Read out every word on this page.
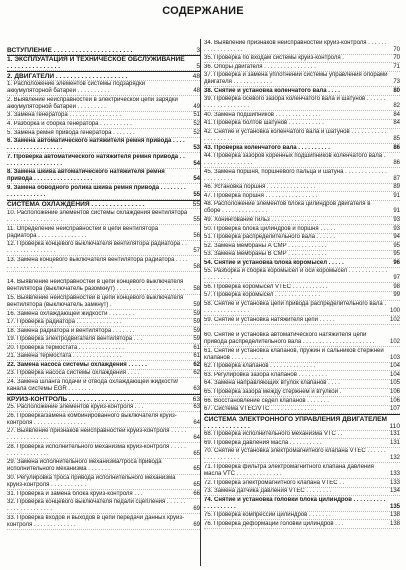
СОДЕРЖАНИЕ
ВСТУПЛЕНИЕ . . . . . . . . . . . . . . . . . . . . . .	3
1. ЭКСПЛУАТАЦИЯ И ТЕХНИЧЕСКОЕ ОБСЛУЖИВАНИЕ . . . . . . . . . . . . . . .	5
2. ДВИГАТЕЛИ . . . . . . . . . . . . . . . . . . . .	48
1. Расположение элементов системы подзарядки аккумуляторной батареи . . . . . . . . . .	48
2. Выявление неисправностей в электрической цепи зарядки аккумуляторной батареи . . . . . . . . .	49
3. Замена генератора . . . . . . . . . . . . . . . .	51
4. Разборка и сборка генератора . . . . . . . . . .	52
5. Замена ремня привода генератора . . . . . . .	52
6. Замена автоматического натяжителя ремня привода . . . . . . . . . . . . . . . . . . . . .	53
7. Проверка автоматического натяжителя ремня привода . . . . . . . . . . . . . . . . . . .	54
8. Замена шкива автоматического натяжителя ремня привода . . . . . . . . . . . . . . . . . .	54
9. Замена обводного ролика шкива ремня привода . . . . . . . . . . . . . . . . . . . .	55
СИСТЕМА ОХЛАЖДЕНИЯ . . . . . . . . . . . . . . .	55
10. Расположение элементов системы охлаждения вентилятора . . . . . . . . . . . . . . . . .	55
11. Определение неисправностей в цепи вентилятора радиатора . . . . . . . . . . . . . . .	56
12. Проверка концевого выключателя вентилятора радиатора . . . . . . . . . . . . . . . . .	57
13. Замена концевого выключателя вентилятора радиатора . . . . . . . . . . . . . . . . . .	58
14. Выявление неисправностей в цепи концевого выключателя вентилятора (выключатель разомкнут) . . . . . . . . . . . . . . . . . . . . .	58
15. Выявление неисправностей в цепи концевого выключателя вентилятора (выключатель замкнут) .	59
16. Замена охлаждающей жидкости . . . . . . . .	59
17. Проверка радиатора . . . . . . . . . . . . . .	59
18. Замена радиатора и вентилятора . . . . . . .	59
19. Проверка электродвигателя вентилятора . . .	59
20. Проверка термостата . . . . . . . . . . . . . .	61
21. Замена термостата . . . . . . . . . . . . . . .	61
22. Замена насоса системы охлаждения . . . . . .	62
23. Проверка насоса системы охлаждения . . . .	62
24. Замена шланга подачи и отвода охлаждающей жидкости/канала системы EGR . . . . . . . .	63
КРУИЗ-КОНТРОЛЬ . . . . . . . . . . . . . . . . . .	63
25. Расположение элементов круиз-контроля . . .	63
26. Проверка/замена комбинированного выключателя круиз-контроля . . . . . . . . . . . . . . . .	64
27. Выявление признаков неисправностей круиз-контроля . . . . . . . . . . . . . . . . . .	64
28. Проверка исполнительного механизма круиз-контроля . . . . . . . . . . . . . . . . . .	65
29. Замена исполнительного механизма/троса привода исполнительного механизма . . . . . . .	65
30. Регулировка троса привода исполнительного механизма круиз-контроля . . . . . . . . . . .	65
31. Проверка и замена блока круиз-контроля . . .	66
32. Проверка концевого выключателя педали сцепления . . . . . . . . . . . . . . . . . . . .	69
33. Проверка входов и выходов в цепи передачи данных круиз-контроля . . . . . . . . . . . . .	69
34. Выявление признаков неисправностей круиз-контроля . . . . . . . . . . . . . . . . . .	70
35. Проверка по входам системы круиз-контроля .	70
36. Опоры двигателя . . . . . . . . . . . . . . . .	71
37. Проверка и замена уплотнений системы управления опорами двигателя . . . . . . . . . . . .	73
38. Снятие и установка коленчатого вала . . . .	80
39. Проверка осевого зазора коленчатого вала и шатунов . . . . . . . . . . . . . . . . . . . .	82
40. Замена подшипников . . . . . . . . . . . . . .	84
41. Проверка болтов шатунов . . . . . . . . . . .	84
42. Снятие и установка коленчатого вала и шатунов . . . . . . . . . . . . . . . . . . . .	85
43. Проверка коленчатого вала . . . . . . . . . .	86
44. Проверка зазоров коренных подшипников коленчатого вала . . . . . . . . . . . . . . . .	86
45. Замена поршня, поршневого пальца и шатуна . . . . . . . . . . . . . . . . . . . . . .	87
46. Установка поршня . . . . . . . . . . . . . . .	89
47. Проверка поршня . . . . . . . . . . . . . . . .	91
48. Расположение элементов блока цилиндров двигателя в сборе . . . . . . . . . . . . . .	91
49. Хонингование гильз . . . . . . . . . . . . . .	93
50. Проверка блока цилиндров и поршня . . . . .	93
51. Проверка распределительного вала . . . . . .	94
52. Замена мембраны А СМР . . . . . . . . . . . .	95
53. Замена мембраны В СМР . . . . . . . . . . . .	95
54. Снятие и установка блока коромысел . . . . .	96
55. Разборка и сборка коромысел и оси коромысел . . . . . . . . . . . . . . . . . . . . .	97
56. Проверка коромысел VTEC . . . . . . . . . . .	98
57. Проверка коромысел . . . . . . . . . . . . . .	99
58. Снятие и установка цепи привода распределительного вала . . . . . . . . . . . . . . .	100
59. Снятие и установка натяжителя цепи . . . . .	102
60. Снятие и установка автоматического натяжителя цепи привода распределительного вала . . . . . . . . . . . . . . . . . . . . . .	102
61. Снятие и установка клапанов, пружин и сальников стержней клапанов . . . . . . . . . .	103
62. Проверка клапанов . . . . . . . . . . . . . .	104
63. Регулировка зазора клапанов . . . . . . . . .	104
64. Замена направляющих втулок клапанов . . . .	105
65. Проверка зазора между стержнем и втулкой .	106
66. Восстановление седел клапанов . . . . . . .	106
67. Система VTEC/VTC . . . . . . . . . . . . . .	107
СИСТЕМА ЭЛЕКТРОННОГО УПРАВЛЕНИЯ ДВИГАТЕЛЕМ . . . . . . . . . . . . .	110
68. Проверка исполнительного механизма VTC . .	131
69. Проверка давления масла . . . . . . . . . .	131
70. Снятие и установка электромагнитного клапана VTEC . . . . . . . . . . . . . . . . .	132
71. Проверка фильтра электромагнитного клапана давления масла VTC . . . . . . . . . . . . . .	133
72. Проверка электромагнитного клапана VTEC . .	133
73. Замена датчика давления VTEC . . . . . . . .	134
74. Снятие и установка головки блока цилиндров . . . . . . . . . . . . . . . . . . . .	135
75. Проверка компрессии цилиндров . . . . . . .	138
76. Проверка деформаций головки цилиндров . . .	138
